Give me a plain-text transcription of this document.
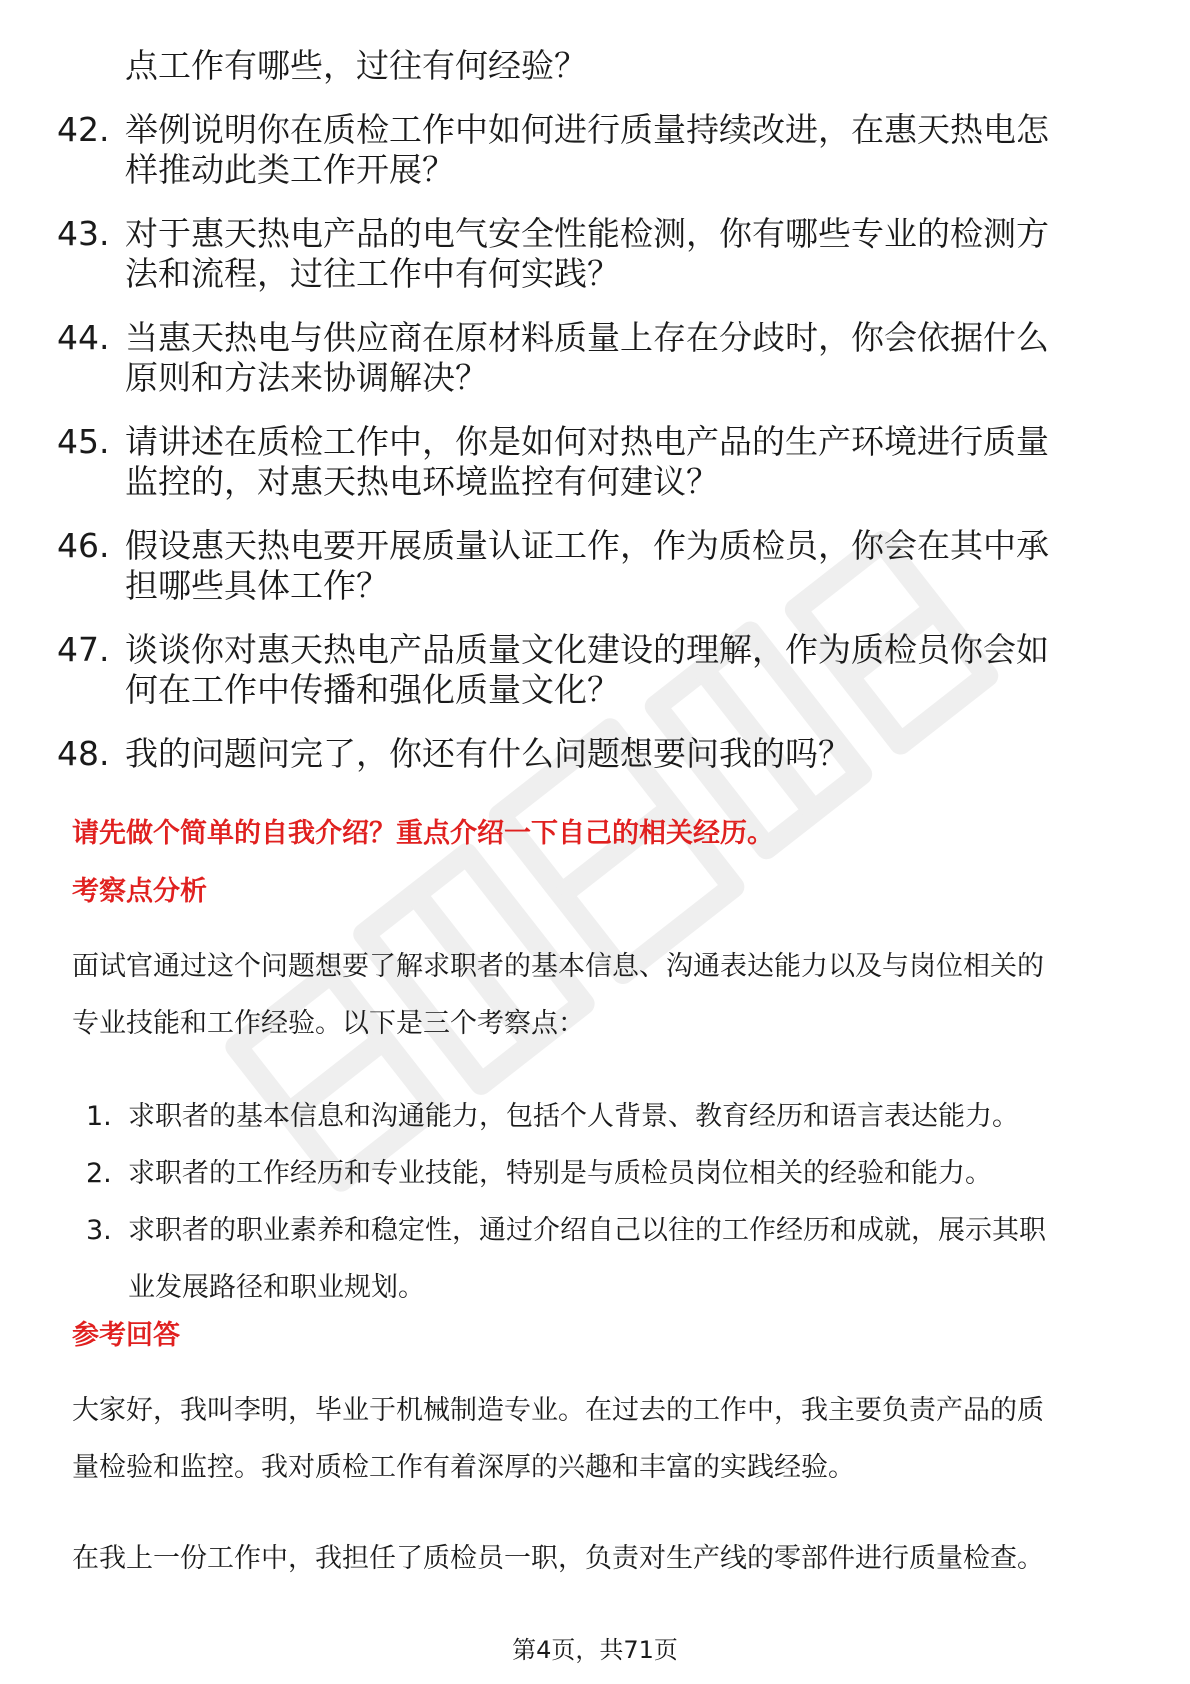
点工作有哪些，过往有何经验？
42. 举例说明你在质检工作中如何进行质量持续改进，在惠天热电怎
样推动此类工作开展？
43. 对于惠天热电产品的电气安全性能检测，你有哪些专业的检测方
法和流程，过往工作中有何实践？
44. 当惠天热电与供应商在原材料质量上存在分歧时，你会依据什么
原则和方法来协调解决？
45. 请讲述在质检工作中，你是如何对热电产品的生产环境进行质量
监控的，对惠天热电环境监控有何建议？
46. 假设惠天热电要开展质量认证工作，作为质检员，你会在其中承
担哪些具体工作？
47. 谈谈你对惠天热电产品质量文化建设的理解，作为质检员你会如
何在工作中传播和强化质量文化？
48. 我的问题问完了，你还有什么问题想要问我的吗？
请先做个简单的自我介绍？重点介绍一下自己的相关经历。
考察点分析
面试官通过这个问题想要了解求职者的基本信息、沟通表达能力以及与岗位相关的
专业技能和工作经验。以下是三个考察点：
1. 求职者的基本信息和沟通能力，包括个人背景、教育经历和语言表达能力。
2. 求职者的工作经历和专业技能，特别是与质检员岗位相关的经验和能力。
3. 求职者的职业素养和稳定性，通过介绍自己以往的工作经历和成就，展示其职
业发展路径和职业规划。
参考回答
大家好，我叫李明，毕业于机械制造专业。在过去的工作中，我主要负责产品的质
量检验和监控。我对质检工作有着深厚的兴趣和丰富的实践经验。
在我上一份工作中，我担任了质检员一职，负责对生产线的零部件进行质量检查。
第4页，共71页
